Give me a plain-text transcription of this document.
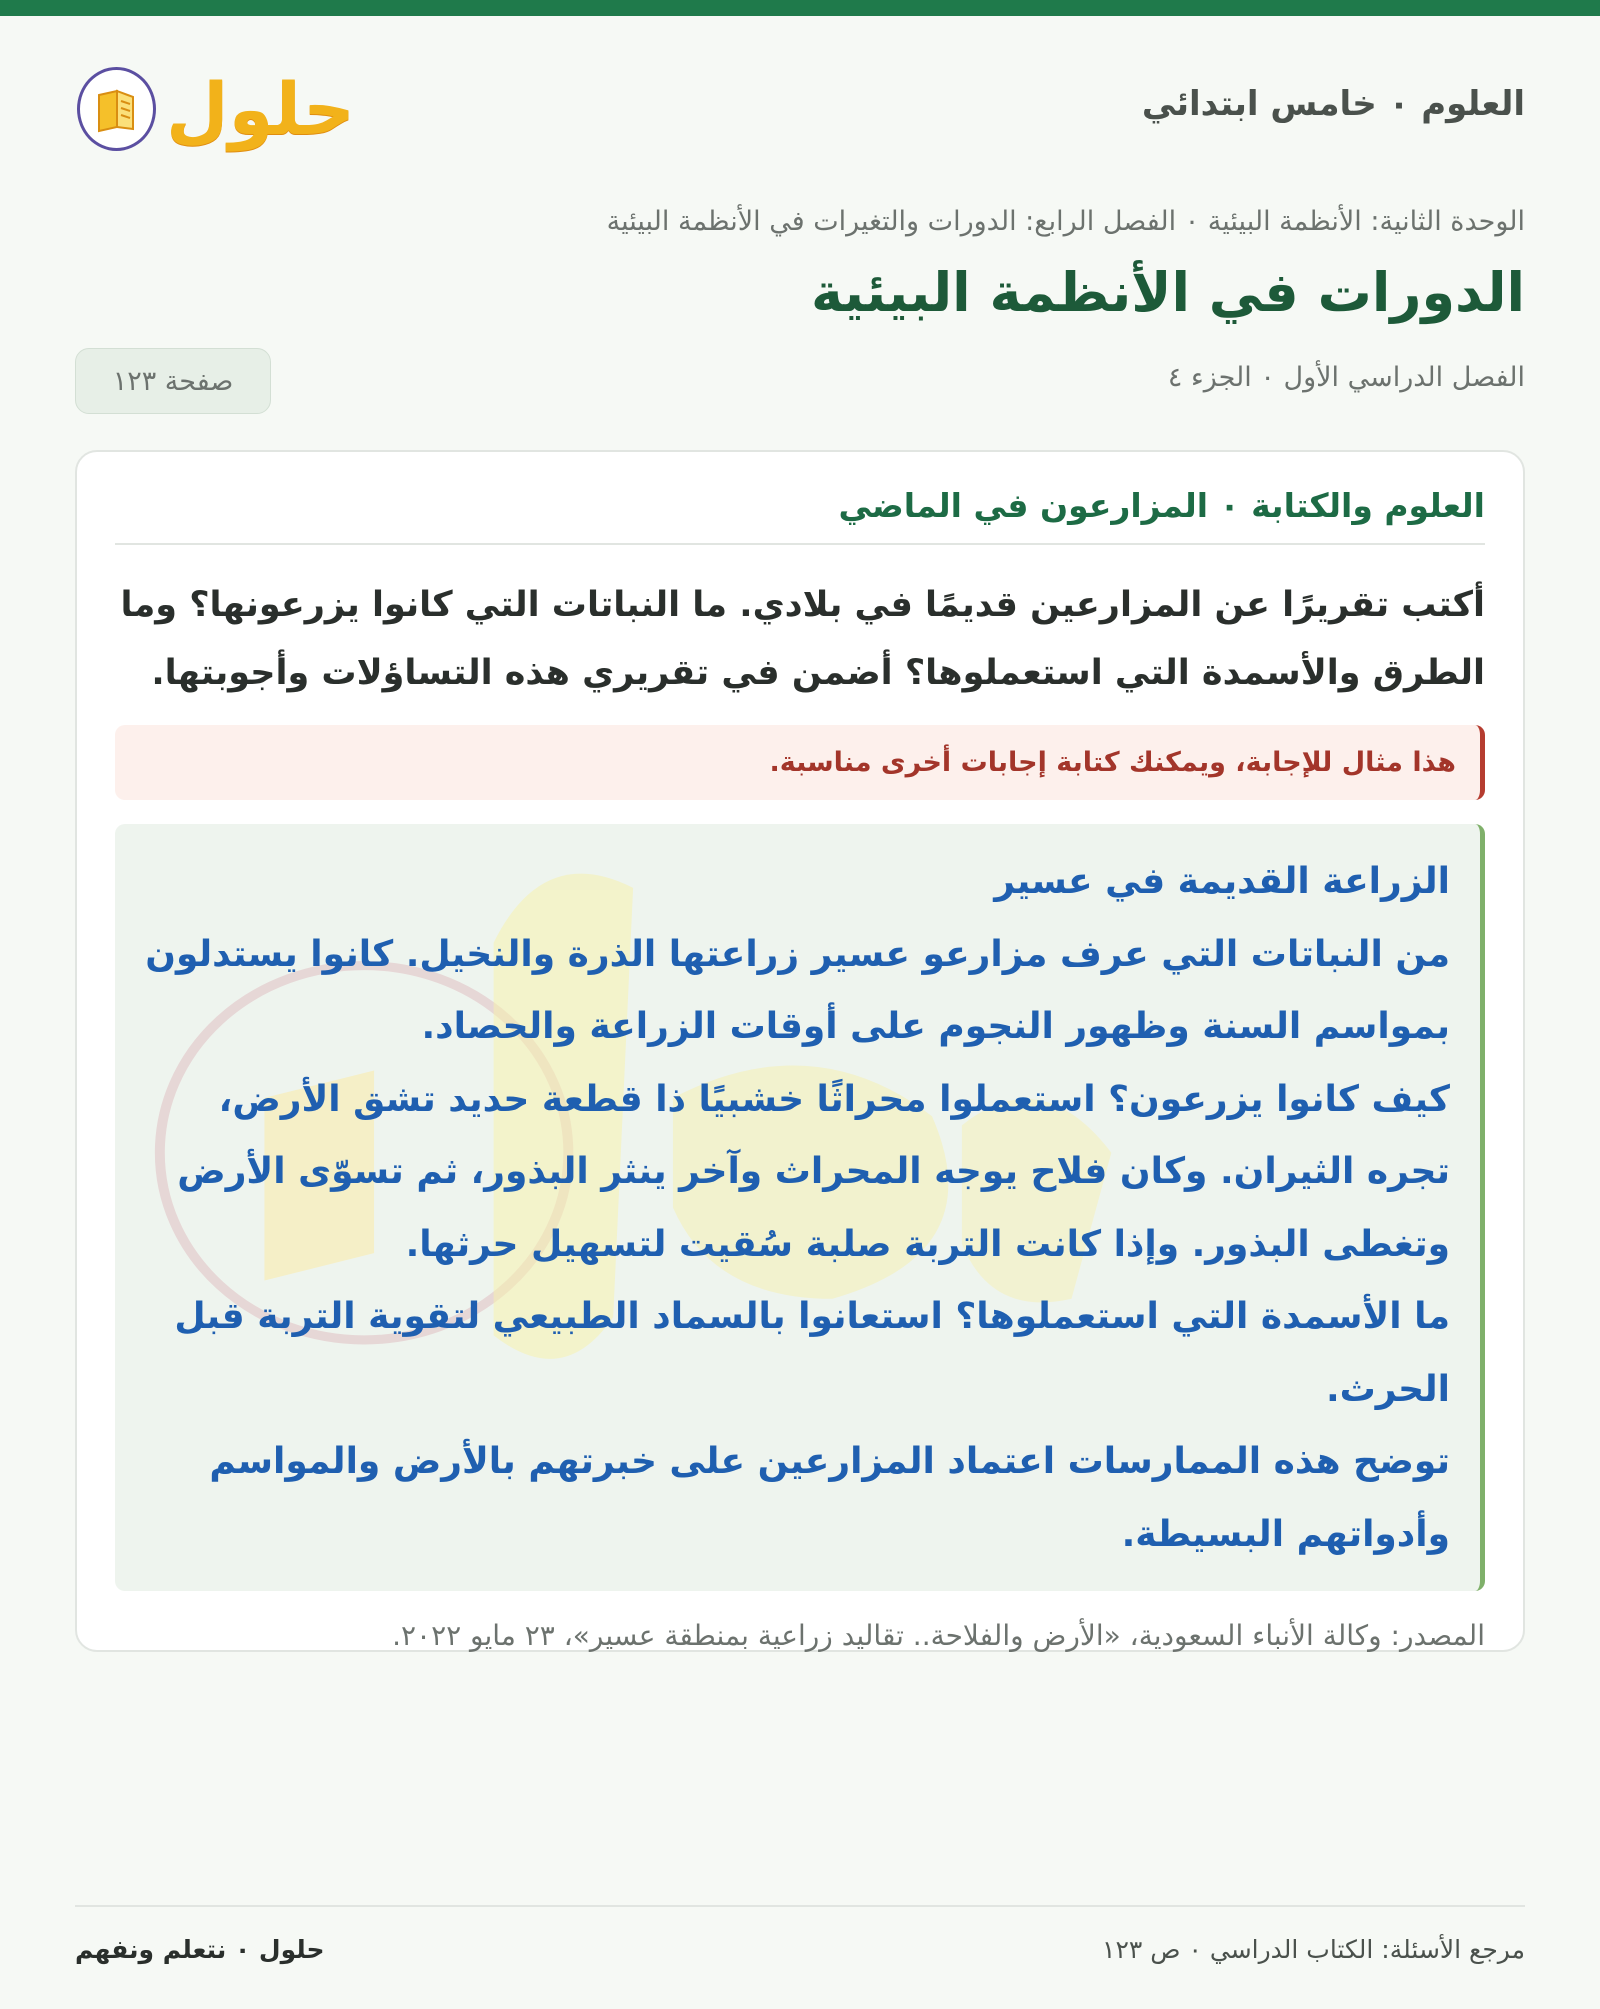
العلوم ٠ خامس ابتدائي
حلول
الوحدة الثانية: الأنظمة البيئية ٠ الفصل الرابع: الدورات والتغيرات في الأنظمة البيئية
الدورات في الأنظمة البيئية
الفصل الدراسي الأول ٠ الجزء ٤
صفحة ١٢٣
العلوم والكتابة ٠ المزارعون في الماضي
أكتب تقريرًا عن المزارعين قديمًا في بلادي. ما النباتات التي كانوا يزرعونها؟ وما الطرق والأسمدة التي استعملوها؟ أضمن في تقريري هذه التساؤلات وأجوبتها.
هذا مثال للإجابة، ويمكنك كتابة إجابات أخرى مناسبة.

الزراعة القديمة في عسير

من النباتات التي عرف مزارعو عسير زراعتها الذرة والنخيل. كانوا يستدلون بمواسم السنة وظهور النجوم على أوقات الزراعة والحصاد.

كيف كانوا يزرعون؟ استعملوا محراثًا خشبيًا ذا قطعة حديد تشق الأرض، تجره الثيران. وكان فلاح يوجه المحراث وآخر ينثر البذور، ثم تسوّى الأرض وتغطى البذور. وإذا كانت التربة صلبة سُقيت لتسهيل حرثها.

ما الأسمدة التي استعملوها؟ استعانوا بالسماد الطبيعي لتقوية التربة قبل الحرث.

توضح هذه الممارسات اعتماد المزارعين على خبرتهم بالأرض والمواسم وأدواتهم البسيطة.

المصدر: وكالة الأنباء السعودية، «الأرض والفلاحة.. تقاليد زراعية بمنطقة عسير»، ٢٣ مايو ٢٠٢٢.
مرجع الأسئلة: الكتاب الدراسي ٠ ص ١٢٣
حلول ٠ نتعلم ونفهم
